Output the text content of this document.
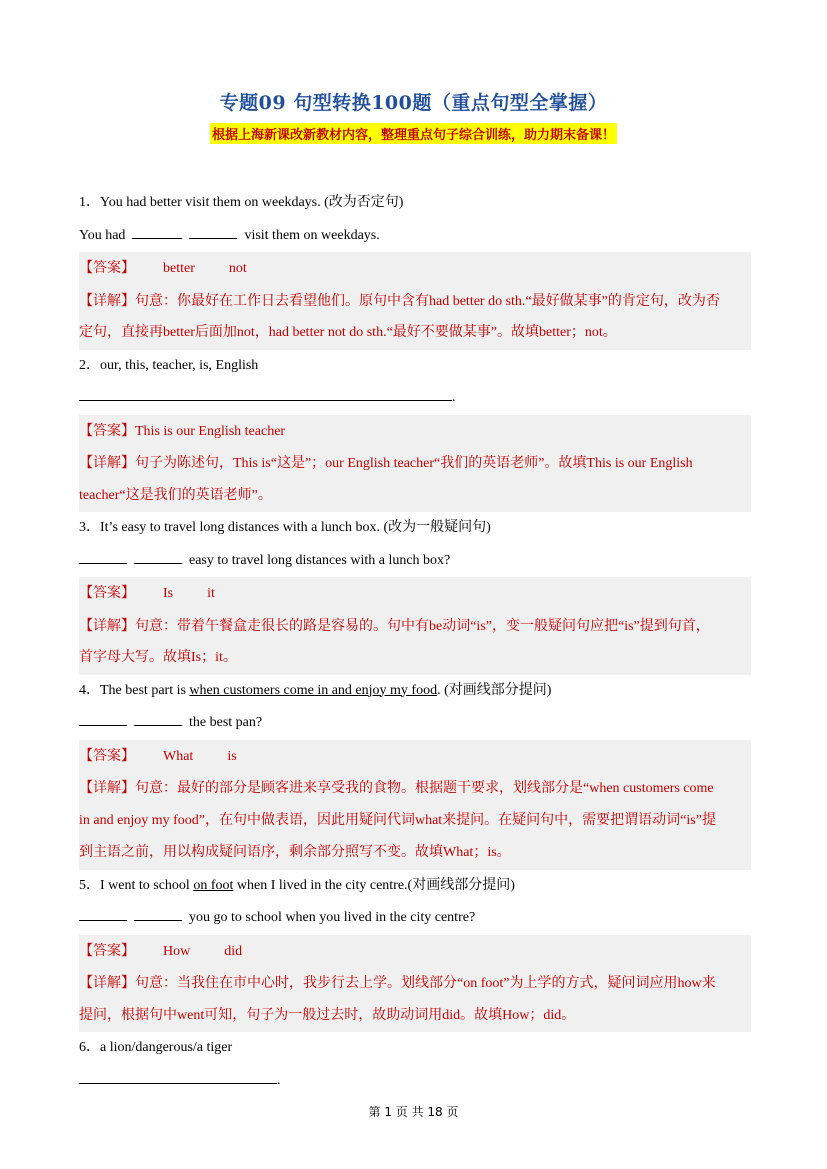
专题09 句型转换100题（重点句型全掌握）
根据上海新课改新教材内容，整理重点句子综合训练，助力期末备课！
1．You had better visit them on weekdays. (改为否定句)
You had	visit them on weekdays.
【答案】 better not
【详解】句意：你最好在工作日去看望他们。原句中含有had better do sth.“最好做某事”的肯定句，改为否
定句，直接再better后面加not，had better not do sth.“最好不要做某事”。故填better；not。
2．our, this, teacher, is, English
.
【答案】This is our English teacher
【详解】句子为陈述句，This is“这是”；our English teacher“我们的英语老师”。故填This is our English
teacher“这是我们的英语老师”。
3．It’s easy to travel long distances with a lunch box. (改为一般疑问句)
easy to travel long distances with a lunch box?
【答案】 Is it
【详解】句意：带着午餐盒走很长的路是容易的。句中有be动词“is”，变一般疑问句应把“is”提到句首，
首字母大写。故填Is；it。
4．The best part is when customers come in and enjoy my food. (对画线部分提问)
the best pan?
【答案】 What is
【详解】句意：最好的部分是顾客进来享受我的食物。根据题干要求，划线部分是“when customers come
in and enjoy my food”，在句中做表语，因此用疑问代词what来提问。在疑问句中，需要把谓语动词“is”提
到主语之前，用以构成疑问语序，剩余部分照写不变。故填What；is。
5．I went to school on foot when I lived in the city centre.(对画线部分提问)
you go to school when you lived in the city centre?
【答案】 How did
【详解】句意：当我住在市中心时，我步行去上学。划线部分“on foot”为上学的方式，疑问词应用how来
提问，根据句中went可知，句子为一般过去时，故助动词用did。故填How；did。
6．a lion/dangerous/a tiger
.
第 1 页 共 18 页
